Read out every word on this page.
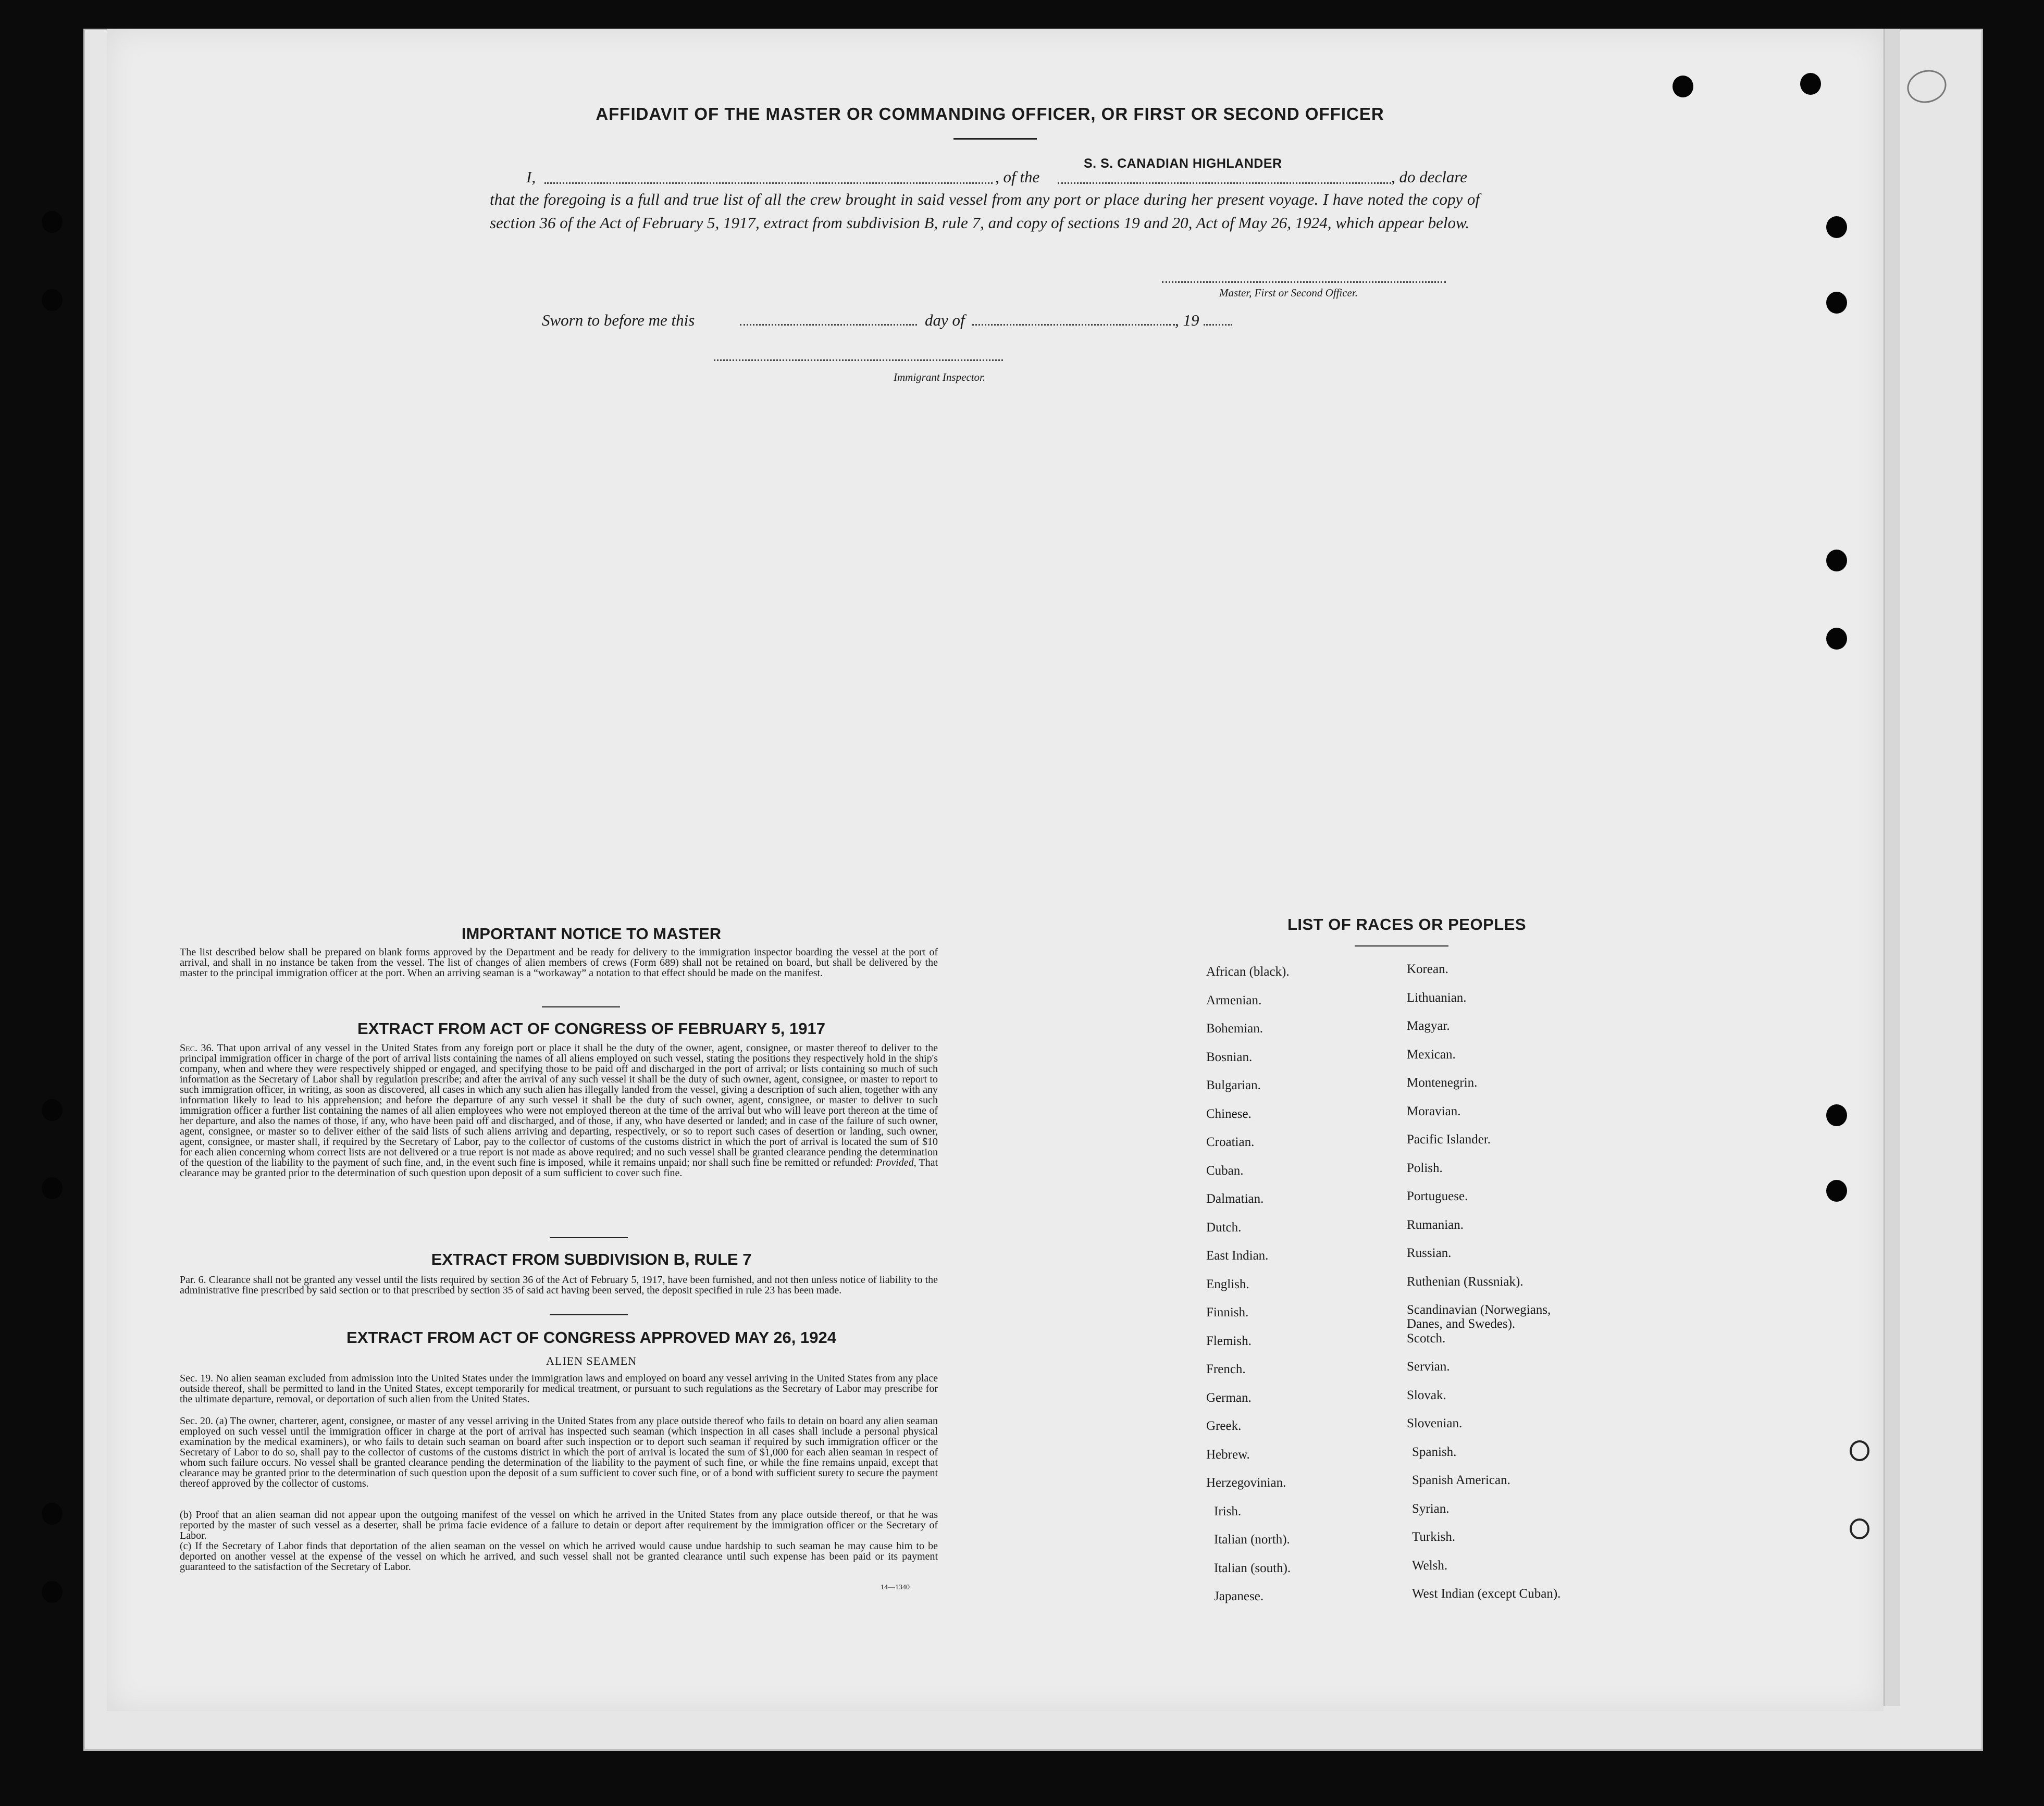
AFFIDAVIT OF THE MASTER OR COMMANDING OFFICER, OR FIRST OR SECOND OFFICER
I,	, of the
S. S. CANADIAN HIGHLANDER
, do declare
that the foregoing is a full and true list of all the crew brought in said vessel from any port or place during her present voyage. I have noted the copy of section 36 of the Act of February 5, 1917, extract from subdivision B, rule 7, and copy of sections 19 and 20, Act of May 26, 1924, which appear below.
Master, First or Second Officer.
Sworn to before me this	day of	, 19
Immigrant Inspector.
IMPORTANT NOTICE TO MASTER
The list described below shall be prepared on blank forms approved by the Department and be ready for delivery to the immigration inspector boarding the vessel at the port of arrival, and shall in no instance be taken from the vessel. The list of changes of alien members of crews (Form 689) shall not be retained on board, but shall be delivered by the master to the principal immigration officer at the port. When an arriving seaman is a “workaway” a notation to that effect should be made on the manifest.
EXTRACT FROM ACT OF CONGRESS OF FEBRUARY 5, 1917
Sec. 36. That upon arrival of any vessel in the United States from any foreign port or place it shall be the duty of the owner, agent, consignee, or master thereof to deliver to the principal immigration officer in charge of the port of arrival lists containing the names of all aliens employed on such vessel, stating the positions they respectively hold in the ship's company, when and where they were respectively shipped or engaged, and specifying those to be paid off and discharged in the port of arrival; or lists containing so much of such information as the Secretary of Labor shall by regulation prescribe; and after the arrival of any such vessel it shall be the duty of such owner, agent, consignee, or master to report to such immigration officer, in writing, as soon as discovered, all cases in which any such alien has illegally landed from the vessel, giving a description of such alien, together with any information likely to lead to his apprehension; and before the departure of any such vessel it shall be the duty of such owner, agent, consignee, or master to deliver to such immigration officer a further list containing the names of all alien employees who were not employed thereon at the time of the arrival but who will leave port thereon at the time of her departure, and also the names of those, if any, who have been paid off and discharged, and of those, if any, who have deserted or landed; and in case of the failure of such owner, agent, consignee, or master so to deliver either of the said lists of such aliens arriving and departing, respectively, or so to report such cases of desertion or landing, such owner, agent, consignee, or master shall, if required by the Secretary of Labor, pay to the collector of customs of the customs district in which the port of arrival is located the sum of $10 for each alien concerning whom correct lists are not delivered or a true report is not made as above required; and no such vessel shall be granted clearance pending the determination of the question of the liability to the payment of such fine, and, in the event such fine is imposed, while it remains unpaid; nor shall such fine be remitted or refunded: Provided, That clearance may be granted prior to the determination of such question upon deposit of a sum sufficient to cover such fine.
EXTRACT FROM SUBDIVISION B, RULE 7
Par. 6. Clearance shall not be granted any vessel until the lists required by section 36 of the Act of February 5, 1917, have been furnished, and not then unless notice of liability to the administrative fine prescribed by said section or to that prescribed by section 35 of said act having been served, the deposit specified in rule 23 has been made.
EXTRACT FROM ACT OF CONGRESS APPROVED MAY 26, 1924
ALIEN SEAMEN
Sec. 19. No alien seaman excluded from admission into the United States under the immigration laws and employed on board any vessel arriving in the United States from any place outside thereof, shall be permitted to land in the United States, except temporarily for medical treatment, or pursuant to such regulations as the Secretary of Labor may prescribe for the ultimate departure, removal, or deportation of such alien from the United States.
Sec. 20. (a) The owner, charterer, agent, consignee, or master of any vessel arriving in the United States from any place outside thereof who fails to detain on board any alien seaman employed on such vessel until the immigration officer in charge at the port of arrival has inspected such seaman (which inspection in all cases shall include a personal physical examination by the medical examiners), or who fails to detain such seaman on board after such inspection or to deport such seaman if required by such immigration officer or the Secretary of Labor to do so, shall pay to the collector of customs of the customs district in which the port of arrival is located the sum of $1,000 for each alien seaman in respect of whom such failure occurs. No vessel shall be granted clearance pending the determination of the liability to the payment of such fine, or while the fine remains unpaid, except that clearance may be granted prior to the determination of such question upon the deposit of a sum sufficient to cover such fine, or of a bond with sufficient surety to secure the payment thereof approved by the collector of customs.
(b) Proof that an alien seaman did not appear upon the outgoing manifest of the vessel on which he arrived in the United States from any place outside thereof, or that he was reported by the master of such vessel as a deserter, shall be prima facie evidence of a failure to detain or deport after requirement by the immigration officer or the Secretary of Labor.
(c) If the Secretary of Labor finds that deportation of the alien seaman on the vessel on which he arrived would cause undue hardship to such seaman he may cause him to be deported on another vessel at the expense of the vessel on which he arrived, and such vessel shall not be granted clearance until such expense has been paid or its payment guaranteed to the satisfaction of the Secretary of Labor.
14—1340
LIST OF RACES OR PEOPLES
African (black).
Armenian.
Bohemian.
Bosnian.
Bulgarian.
Chinese.
Croatian.
Cuban.
Dalmatian.
Dutch.
East Indian.
English.
Finnish.
Flemish.
French.
German.
Greek.
Hebrew.
Herzegovinian.
Irish.
Italian (north).
Italian (south).
Japanese.
Korean.
Lithuanian.
Magyar.
Mexican.
Montenegrin.
Moravian.
Pacific Islander.
Polish.
Portuguese.
Rumanian.
Russian.
Ruthenian (Russniak).
Scandinavian (Norwegians, Danes, and Swedes).
Scotch.
Servian.
Slovak.
Slovenian.
Spanish.
Spanish American.
Syrian.
Turkish.
Welsh.
West Indian (except Cuban).
